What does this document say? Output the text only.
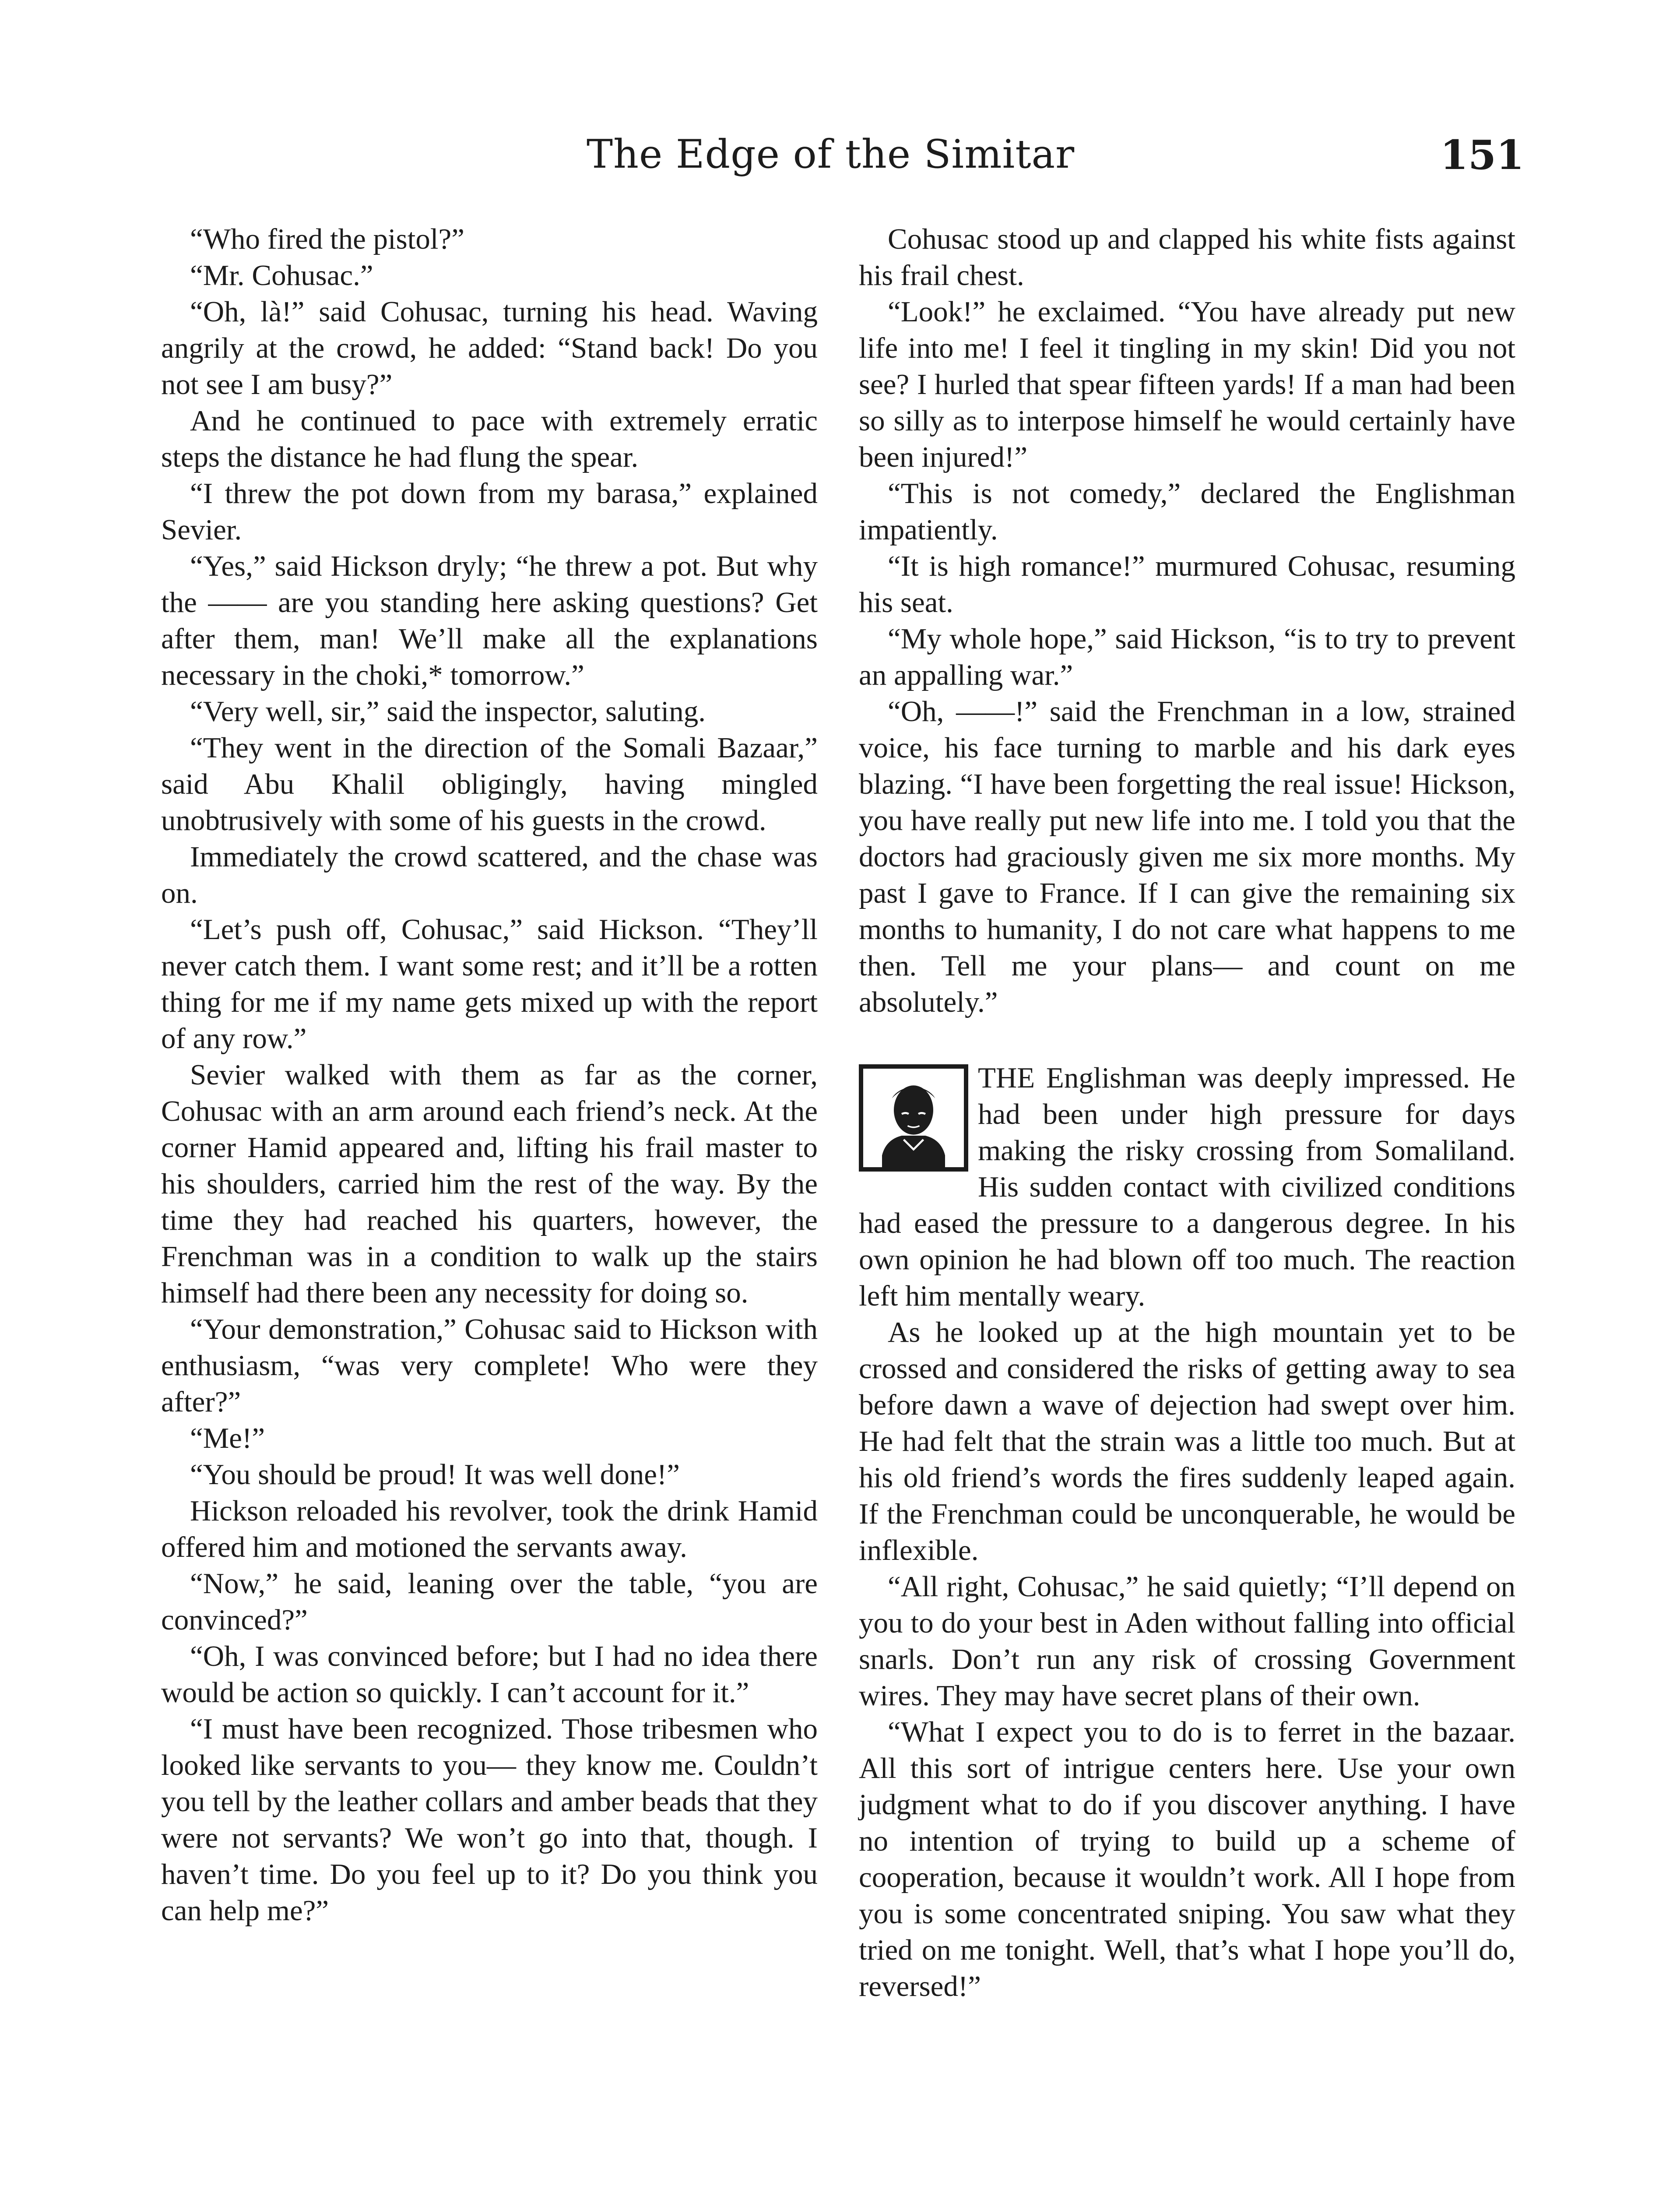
The Edge of the Simitar	151

“Who fired the pistol?”

“Mr. Cohusac.”

“Oh, là!” said Cohusac, turning his head. Waving angrily at the crowd, he added: “Stand back! Do you not see I am busy?”

And he continued to pace with extremely erratic steps the distance he had flung the spear.

“I threw the pot down from my barasa,” explained Sevier.

“Yes,” said Hickson dryly; “he threw a pot. But why the —— are you standing here asking questions? Get after them, man! We’ll make all the explanations necessary in the choki,* tomorrow.”

“Very well, sir,” said the inspector, saluting.

“They went in the direction of the Somali Bazaar,” said Abu Khalil obligingly, having mingled unobtrusively with some of his guests in the crowd.

Immediately the crowd scattered, and the chase was on.

“Let’s push off, Cohusac,” said Hickson. “They’ll never catch them. I want some rest; and it’ll be a rotten thing for me if my name gets mixed up with the report of any row.”

Sevier walked with them as far as the corner, Cohusac with an arm around each friend’s neck. At the corner Hamid appeared and, lifting his frail master to his shoulders, carried him the rest of the way. By the time they had reached his quarters, however, the Frenchman was in a condition to walk up the stairs himself had there been any necessity for doing so.

“Your demonstration,” Cohusac said to Hickson with enthusiasm, “was very complete! Who were they after?”

“Me!”

“You should be proud! It was well done!”

Hickson reloaded his revolver, took the drink Hamid offered him and motioned the servants away.

“Now,” he said, leaning over the table, “you are convinced?”

“Oh, I was convinced before; but I had no idea there would be action so quickly. I can’t account for it.”

“I must have been recognized. Those tribesmen who looked like servants to you— they know me. Couldn’t you tell by the leather collars and amber beads that they were not servants? We won’t go into that, though. I haven’t time. Do you feel up to it? Do you think you can help me?”

Cohusac stood up and clapped his white fists against his frail chest.

“Look!” he exclaimed. “You have already put new life into me! I feel it tingling in my skin! Did you not see? I hurled that spear fifteen yards! If a man had been so silly as to interpose himself he would certainly have been injured!”

“This is not comedy,” declared the Englishman impatiently.

“It is high romance!” murmured Cohusac, resuming his seat.

“My whole hope,” said Hickson, “is to try to prevent an appalling war.”

“Oh, ——!” said the Frenchman in a low, strained voice, his face turning to marble and his dark eyes blazing. “I have been forgetting the real issue! Hickson, you have really put new life into me. I told you that the doctors had graciously given me six more months. My past I gave to France. If I can give the remaining six months to humanity, I do not care what happens to me then. Tell me your plans— and count on me absolutely.”

THE Englishman was deeply impressed. He had been under high pressure for days making the risky crossing from Somaliland. His sudden contact with civilized conditions had eased the pressure to a dangerous degree. In his own opinion he had blown off too much. The reaction left him mentally weary.

As he looked up at the high mountain yet to be crossed and considered the risks of getting away to sea before dawn a wave of dejection had swept over him. He had felt that the strain was a little too much. But at his old friend’s words the fires suddenly leaped again. If the Frenchman could be unconquerable, he would be inflexible.

“All right, Cohusac,” he said quietly; “I’ll depend on you to do your best in Aden without falling into official snarls. Don’t run any risk of crossing Government wires. They may have secret plans of their own.

“What I expect you to do is to ferret in the bazaar. All this sort of intrigue centers here. Use your own judgment what to do if you discover anything. I have no intention of trying to build up a scheme of cooperation, because it wouldn’t work. All I hope from you is some concentrated sniping. You saw what they tried on me tonight. Well, that’s what I hope you’ll do, reversed!”
